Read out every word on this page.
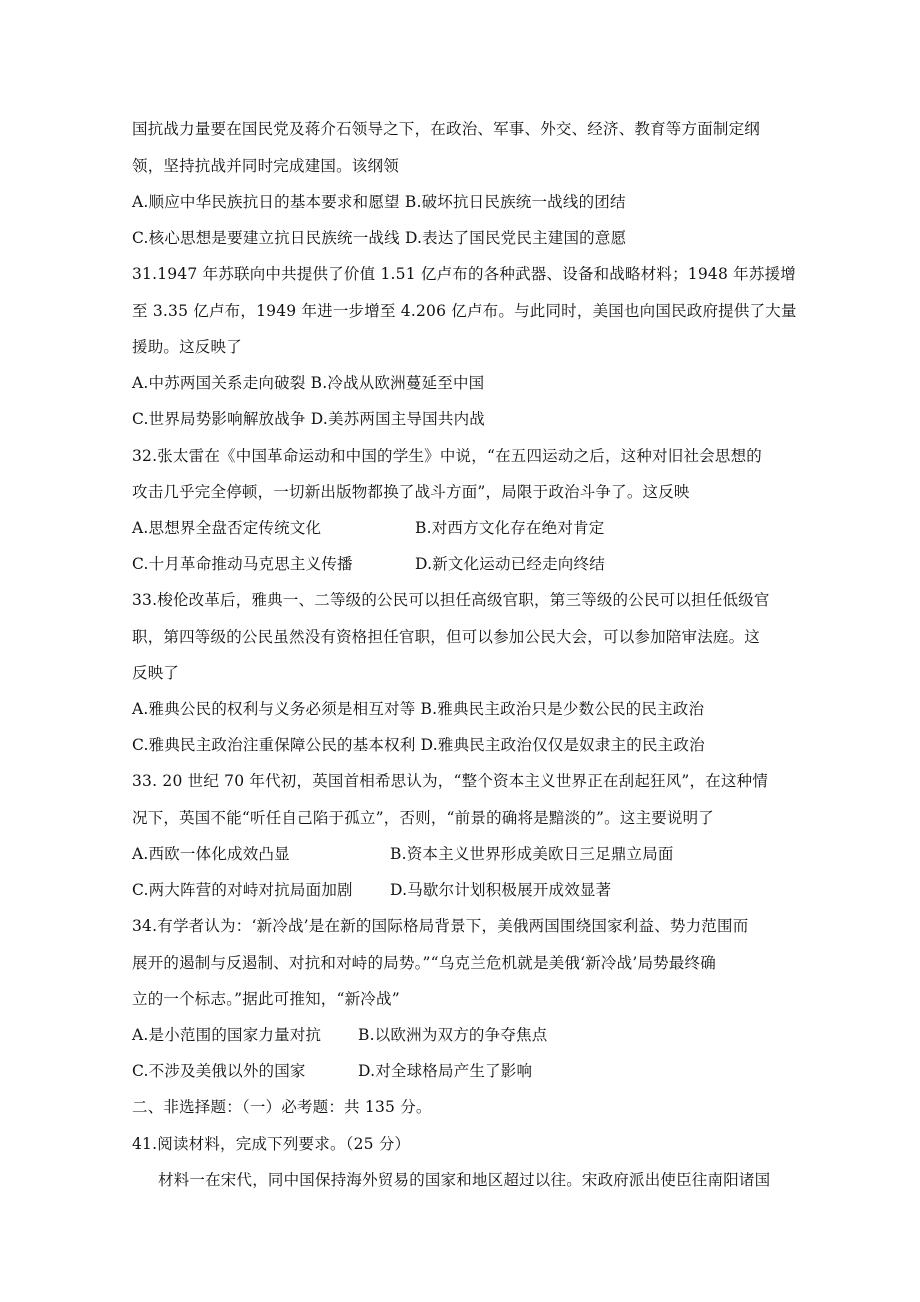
国抗战力量要在国民党及蒋介石领导之下，在政治、军事、外交、经济、教育等方面制定纲
领，坚持抗战并同时完成建国。该纲领
A.顺应中华民族抗日的基本要求和愿望 B.破坏抗日民族统一战线的团结
C.核心思想是要建立抗日民族统一战线 D.表达了国民党民主建国的意愿
31.1947 年苏联向中共提供了价值 1.51 亿卢布的各种武器、设备和战略材料；1948 年苏援增
至 3.35 亿卢布，1949 年进一步增至 4.206 亿卢布。与此同时，美国也向国民政府提供了大量
援助。这反映了
A.中苏两国关系走向破裂 B.冷战从欧洲蔓延至中国
C.世界局势影响解放战争 D.美苏两国主导国共内战
32.张太雷在《中国革命运动和中国的学生》中说，“在五四运动之后，这种对旧社会思想的
攻击几乎完全停顿，一切新出版物都换了战斗方面”，局限于政治斗争了。这反映
A.思想界全盘否定传统文化	B.对西方文化存在绝对肯定
C.十月革命推动马克思主义传播	D.新文化运动已经走向终结
33.梭伦改革后，雅典一、二等级的公民可以担任高级官职，第三等级的公民可以担任低级官
职，第四等级的公民虽然没有资格担任官职，但可以参加公民大会，可以参加陪审法庭。这
反映了
A.雅典公民的权利与义务必须是相互对等 B.雅典民主政治只是少数公民的民主政治
C.雅典民主政治注重保障公民的基本权利 D.雅典民主政治仅仅是奴隶主的民主政治
33. 20 世纪 70 年代初，英国首相希思认为，“整个资本主义世界正在刮起狂风”，在这种情
况下，英国不能“听任自己陷于孤立”，否则，“前景的确将是黯淡的”。这主要说明了
A.西欧一体化成效凸显	B.资本主义世界形成美欧日三足鼎立局面
C.两大阵营的对峙对抗局面加剧 D.马歇尔计划积极展开成效显著
34.有学者认为：‘新冷战’是在新的国际格局背景下，美俄两国围绕国家利益、势力范围而
展开的遏制与反遏制、对抗和对峙的局势。”“乌克兰危机就是美俄‘新冷战’局势最终确
立的一个标志。”据此可推知，“新冷战”
A.是小范围的国家力量对抗 B.以欧洲为双方的争夺焦点
C.不涉及美俄以外的国家	D.对全球格局产生了影响
二、非选择题：（一）必考题：共 135 分。
41.阅读材料，完成下列要求。（25 分）
材料一在宋代，同中国保持海外贸易的国家和地区超过以往。宋政府派出使臣往南阳诸国
